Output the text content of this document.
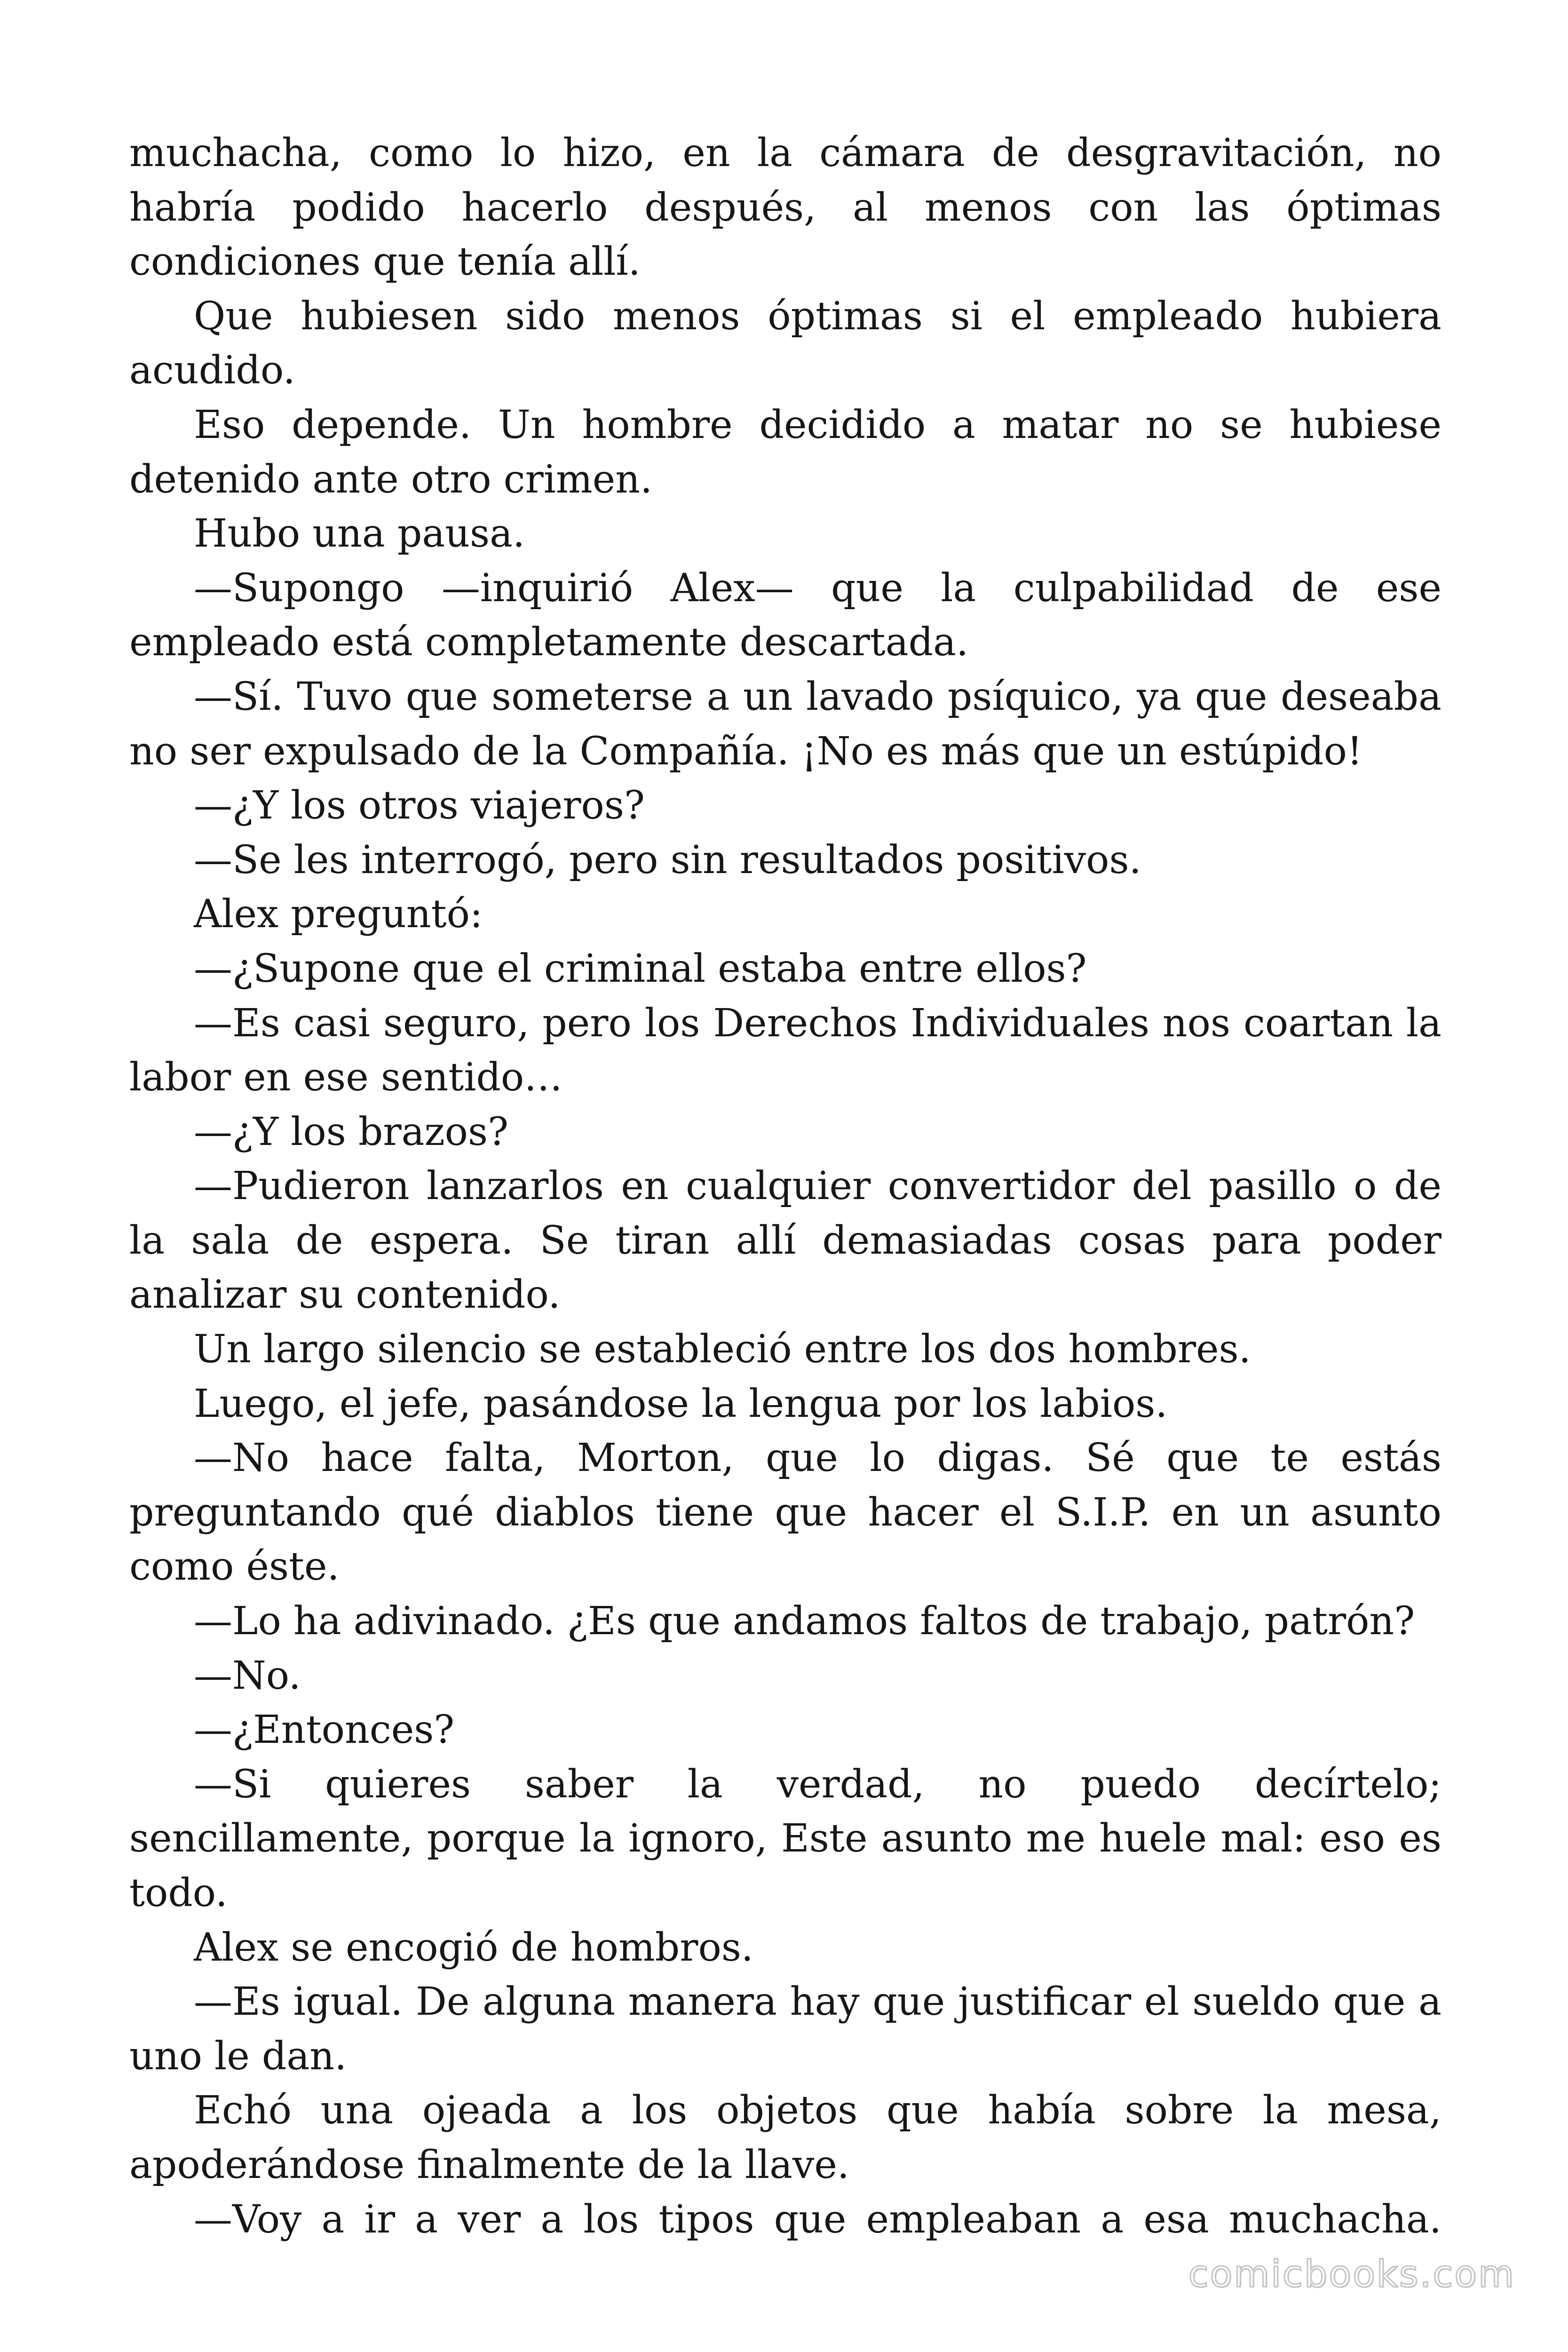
muchacha, como lo hizo, en la cámara de desgravitación, no habría podido hacerlo después, al menos con las óptimas condiciones que tenía allí.

Que hubiesen sido menos óptimas si el empleado hubiera acudido.

Eso depende. Un hombre decidido a matar no se hubiese detenido ante otro crimen.

Hubo una pausa.

—Supongo —inquirió Alex— que la culpabilidad de ese empleado está completamente descartada.

—Sí. Tuvo que someterse a un lavado psíquico, ya que deseaba no ser expulsado de la Compañía. ¡No es más que un estúpido!

—¿Y los otros viajeros?

—Se les interrogó, pero sin resultados positivos.

Alex preguntó:

—¿Supone que el criminal estaba entre ellos?

—Es casi seguro, pero los Derechos Individuales nos coartan la labor en ese sentido…

—¿Y los brazos?

—Pudieron lanzarlos en cualquier convertidor del pasillo o de la sala de espera. Se tiran allí demasiadas cosas para poder analizar su contenido.

Un largo silencio se estableció entre los dos hombres.

Luego, el jefe, pasándose la lengua por los labios.

—No hace falta, Morton, que lo digas. Sé que te estás preguntando qué diablos tiene que hacer el S.I.P. en un asunto como éste.

—Lo ha adivinado. ¿Es que andamos faltos de trabajo, patrón?

—No.

—¿Entonces?

—Si quieres saber la verdad, no puedo decírtelo; sencillamente, porque la ignoro, Este asunto me huele mal: eso es todo.

Alex se encogió de hombros.

—Es igual. De alguna manera hay que justificar el sueldo que a uno le dan.

Echó una ojeada a los objetos que había sobre la mesa, apoderándose finalmente de la llave.

—Voy a ir a ver a los tipos que empleaban a esa muchacha.

comicbooks.com
